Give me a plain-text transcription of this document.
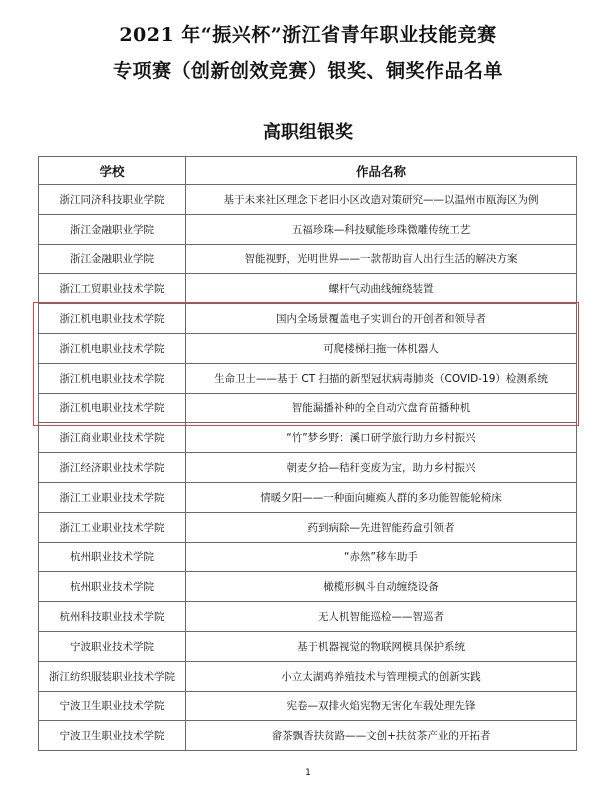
2021 年“振兴杯”浙江省青年职业技能竞赛
专项赛（创新创效竞赛）银奖、铜奖作品名单
高职组银奖
学校	作品名称
浙江同济科技职业学院	基于未来社区理念下老旧小区改造对策研究——以温州市瓯海区为例
浙江金融职业学院	五福珍珠—科技赋能珍珠微雕传统工艺
浙江金融职业学院	智能视野，光明世界——一款帮助盲人出行生活的解决方案
浙江工贸职业技术学院	螺杆气动曲线缠绕装置
浙江机电职业技术学院	国内全场景覆盖电子实训台的开创者和领导者
浙江机电职业技术学院	可爬楼梯扫拖一体机器人
浙江机电职业技术学院	生命卫士——基于 CT 扫描的新型冠状病毒肺炎（COVID-19）检测系统
浙江机电职业技术学院	智能漏播补种的全自动穴盘育苗播种机
浙江商业职业技术学院	“竹”梦乡野：溪口研学旅行助力乡村振兴
浙江经济职业技术学院	朝麦夕拾—秸秆变废为宝，助力乡村振兴
浙江工业职业技术学院	情暖夕阳——一种面向瘫痪人群的多功能智能轮椅床
浙江工业职业技术学院	药到病除—先进智能药盒引领者
杭州职业技术学院	“赤然”移车助手
杭州职业技术学院	橄榄形枫斗自动缠绕设备
杭州科技职业技术学院	无人机智能巡检——智巡者
宁波职业技术学院	基于机器视觉的物联网模具保护系统
浙江纺织服装职业技术学院	小立太湖鸡养殖技术与管理模式的创新实践
宁波卫生职业技术学院	宪卷—双排火焰宪物无害化车载处理先锋
宁波卫生职业技术学院	畲茶飘香扶贫路——文创+扶贫茶产业的开拓者
1
